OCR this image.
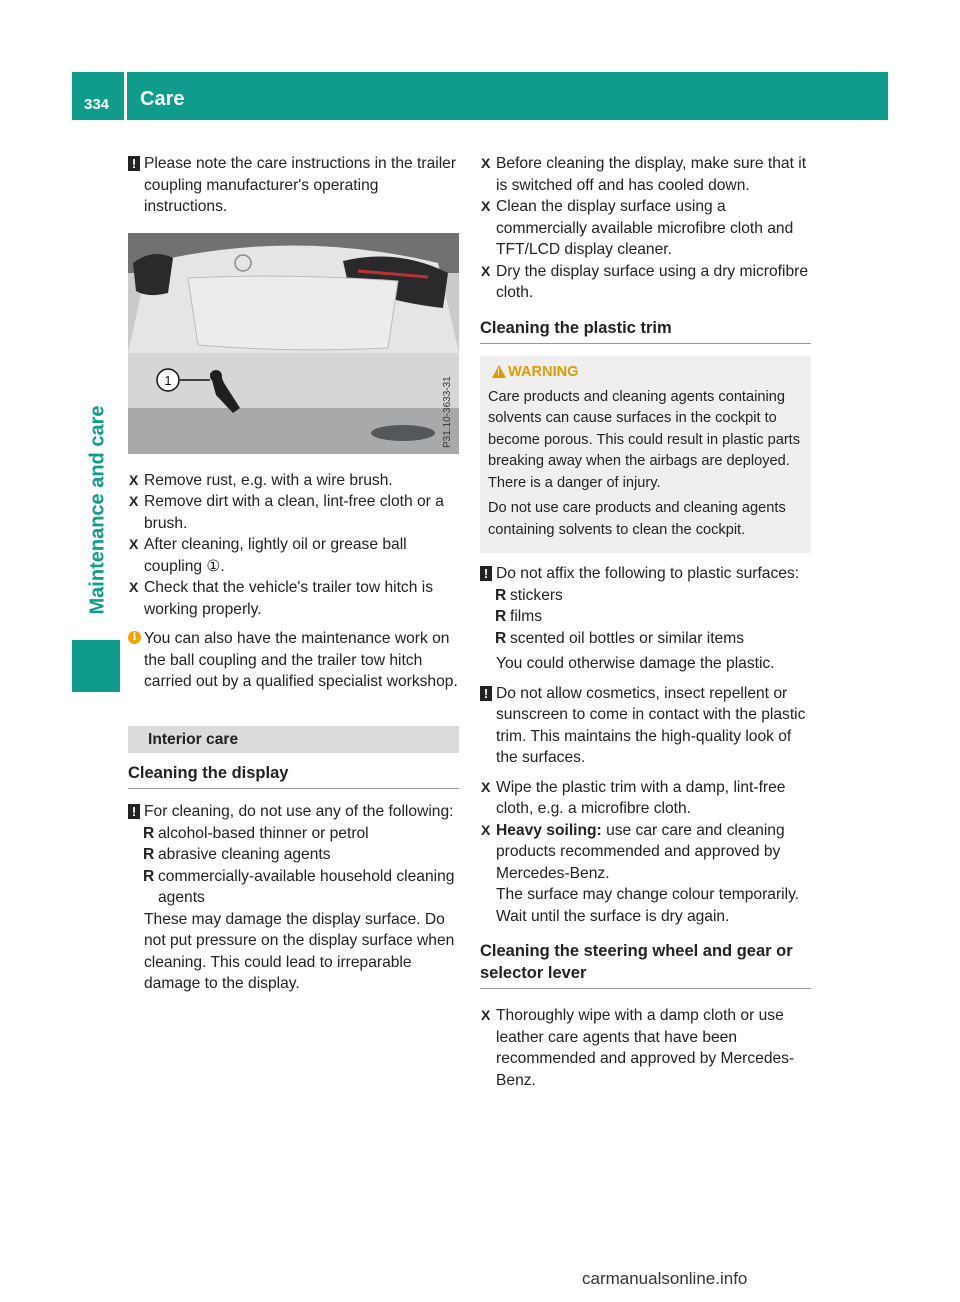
334 Care
Maintenance and care
! Please note the care instructions in the trailer coupling manufacturer's operating instructions.
1	P31.10-3633-31
X Remove rust, e.g. with a wire brush.
X Remove dirt with a clean, lint-free cloth or a brush.
X After cleaning, lightly oil or grease ball coupling ①.
X Check that the vehicle's trailer tow hitch is working properly.
i You can also have the maintenance work on the ball coupling and the trailer tow hitch carried out by a qualified specialist workshop.
Interior care
Cleaning the display
! For cleaning, do not use any of the following:
R alcohol-based thinner or petrol
R abrasive cleaning agents
R commercially-available household cleaning agents
These may damage the display surface. Do not put pressure on the display surface when cleaning. This could lead to irreparable damage to the display.
X Before cleaning the display, make sure that it is switched off and has cooled down.
X Clean the display surface using a commercially available microfibre cloth and TFT/LCD display cleaner.
X Dry the display surface using a dry microfibre cloth.
Cleaning the plastic trim
!
WARNING

Care products and cleaning agents containing solvents can cause surfaces in the cockpit to become porous. This could result in plastic parts breaking away when the airbags are deployed. There is a danger of injury.

Do not use care products and cleaning agents containing solvents to clean the cockpit.

! Do not affix the following to plastic surfaces:
R stickers
R films
R scented oil bottles or similar items
You could otherwise damage the plastic.
! Do not allow cosmetics, insect repellent or sunscreen to come in contact with the plastic trim. This maintains the high-quality look of the surfaces.
X Wipe the plastic trim with a damp, lint-free cloth, e.g. a microfibre cloth.
X Heavy soiling: use car care and cleaning products recommended and approved by Mercedes-Benz.
The surface may change colour temporarily. Wait until the surface is dry again.
Cleaning the steering wheel and gear or selector lever
X Thoroughly wipe with a damp cloth or use leather care agents that have been recommended and approved by Mercedes-Benz.
carmanualsonline.info
